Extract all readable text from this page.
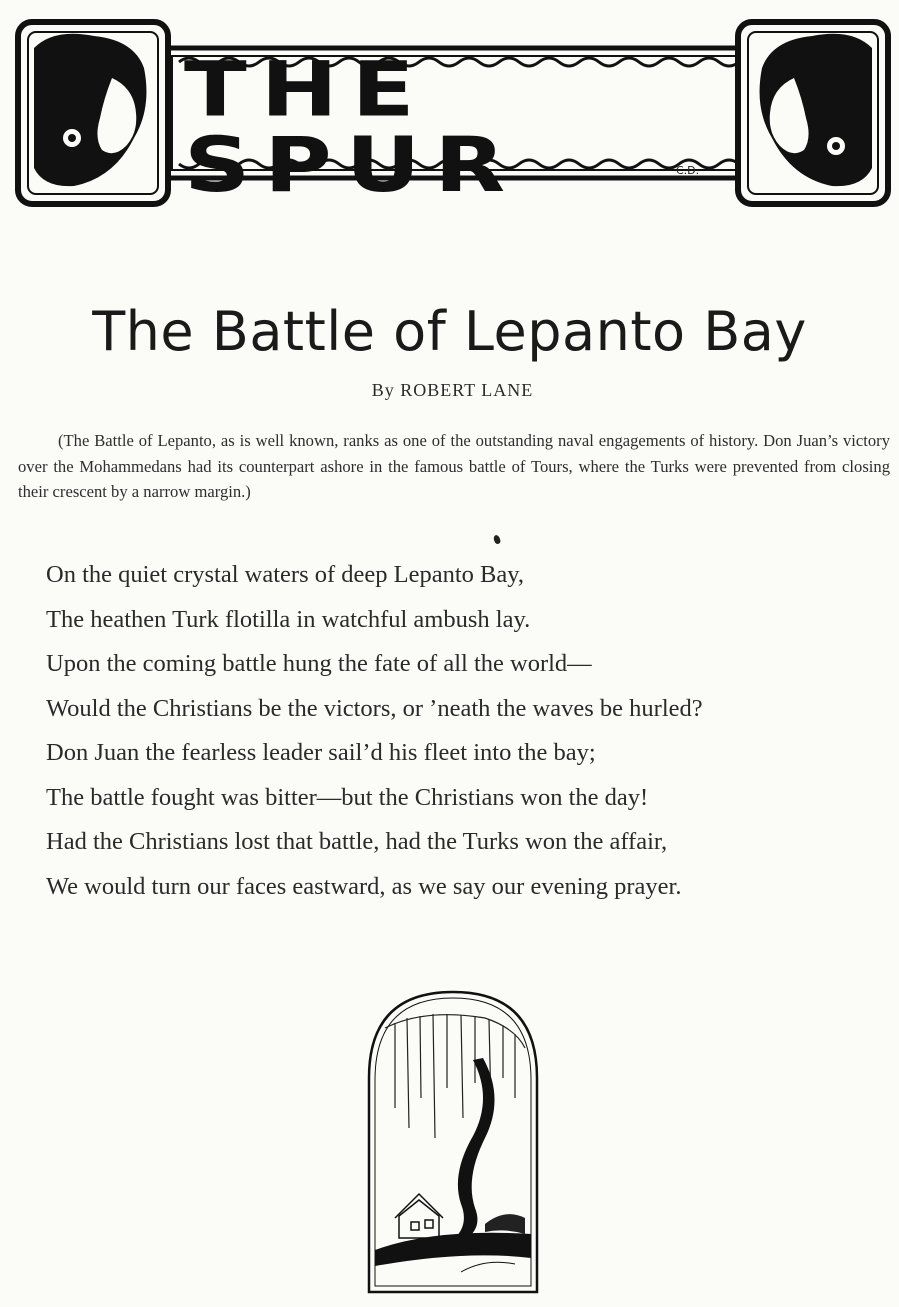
THE SPUR	C.D.
The Battle of Lepanto Bay
By ROBERT LANE
(The Battle of Lepanto, as is well known, ranks as one of the outstanding naval engagements of history. Don Juan’s victory over the Mohammedans had its counterpart ashore in the famous battle of Tours, where the Turks were prevented from closing their crescent by a narrow margin.)
On the quiet crystal waters of deep Lepanto Bay,
The heathen Turk flotilla in watchful ambush lay.
Upon the coming battle hung the fate of all the world—
Would the Christians be the victors, or ’neath the waves be hurled?
Don Juan the fearless leader sail’d his fleet into the bay;
The battle fought was bitter—but the Christians won the day!
Had the Christians lost that battle, had the Turks won the affair,
We would turn our faces eastward, as we say our evening prayer.
